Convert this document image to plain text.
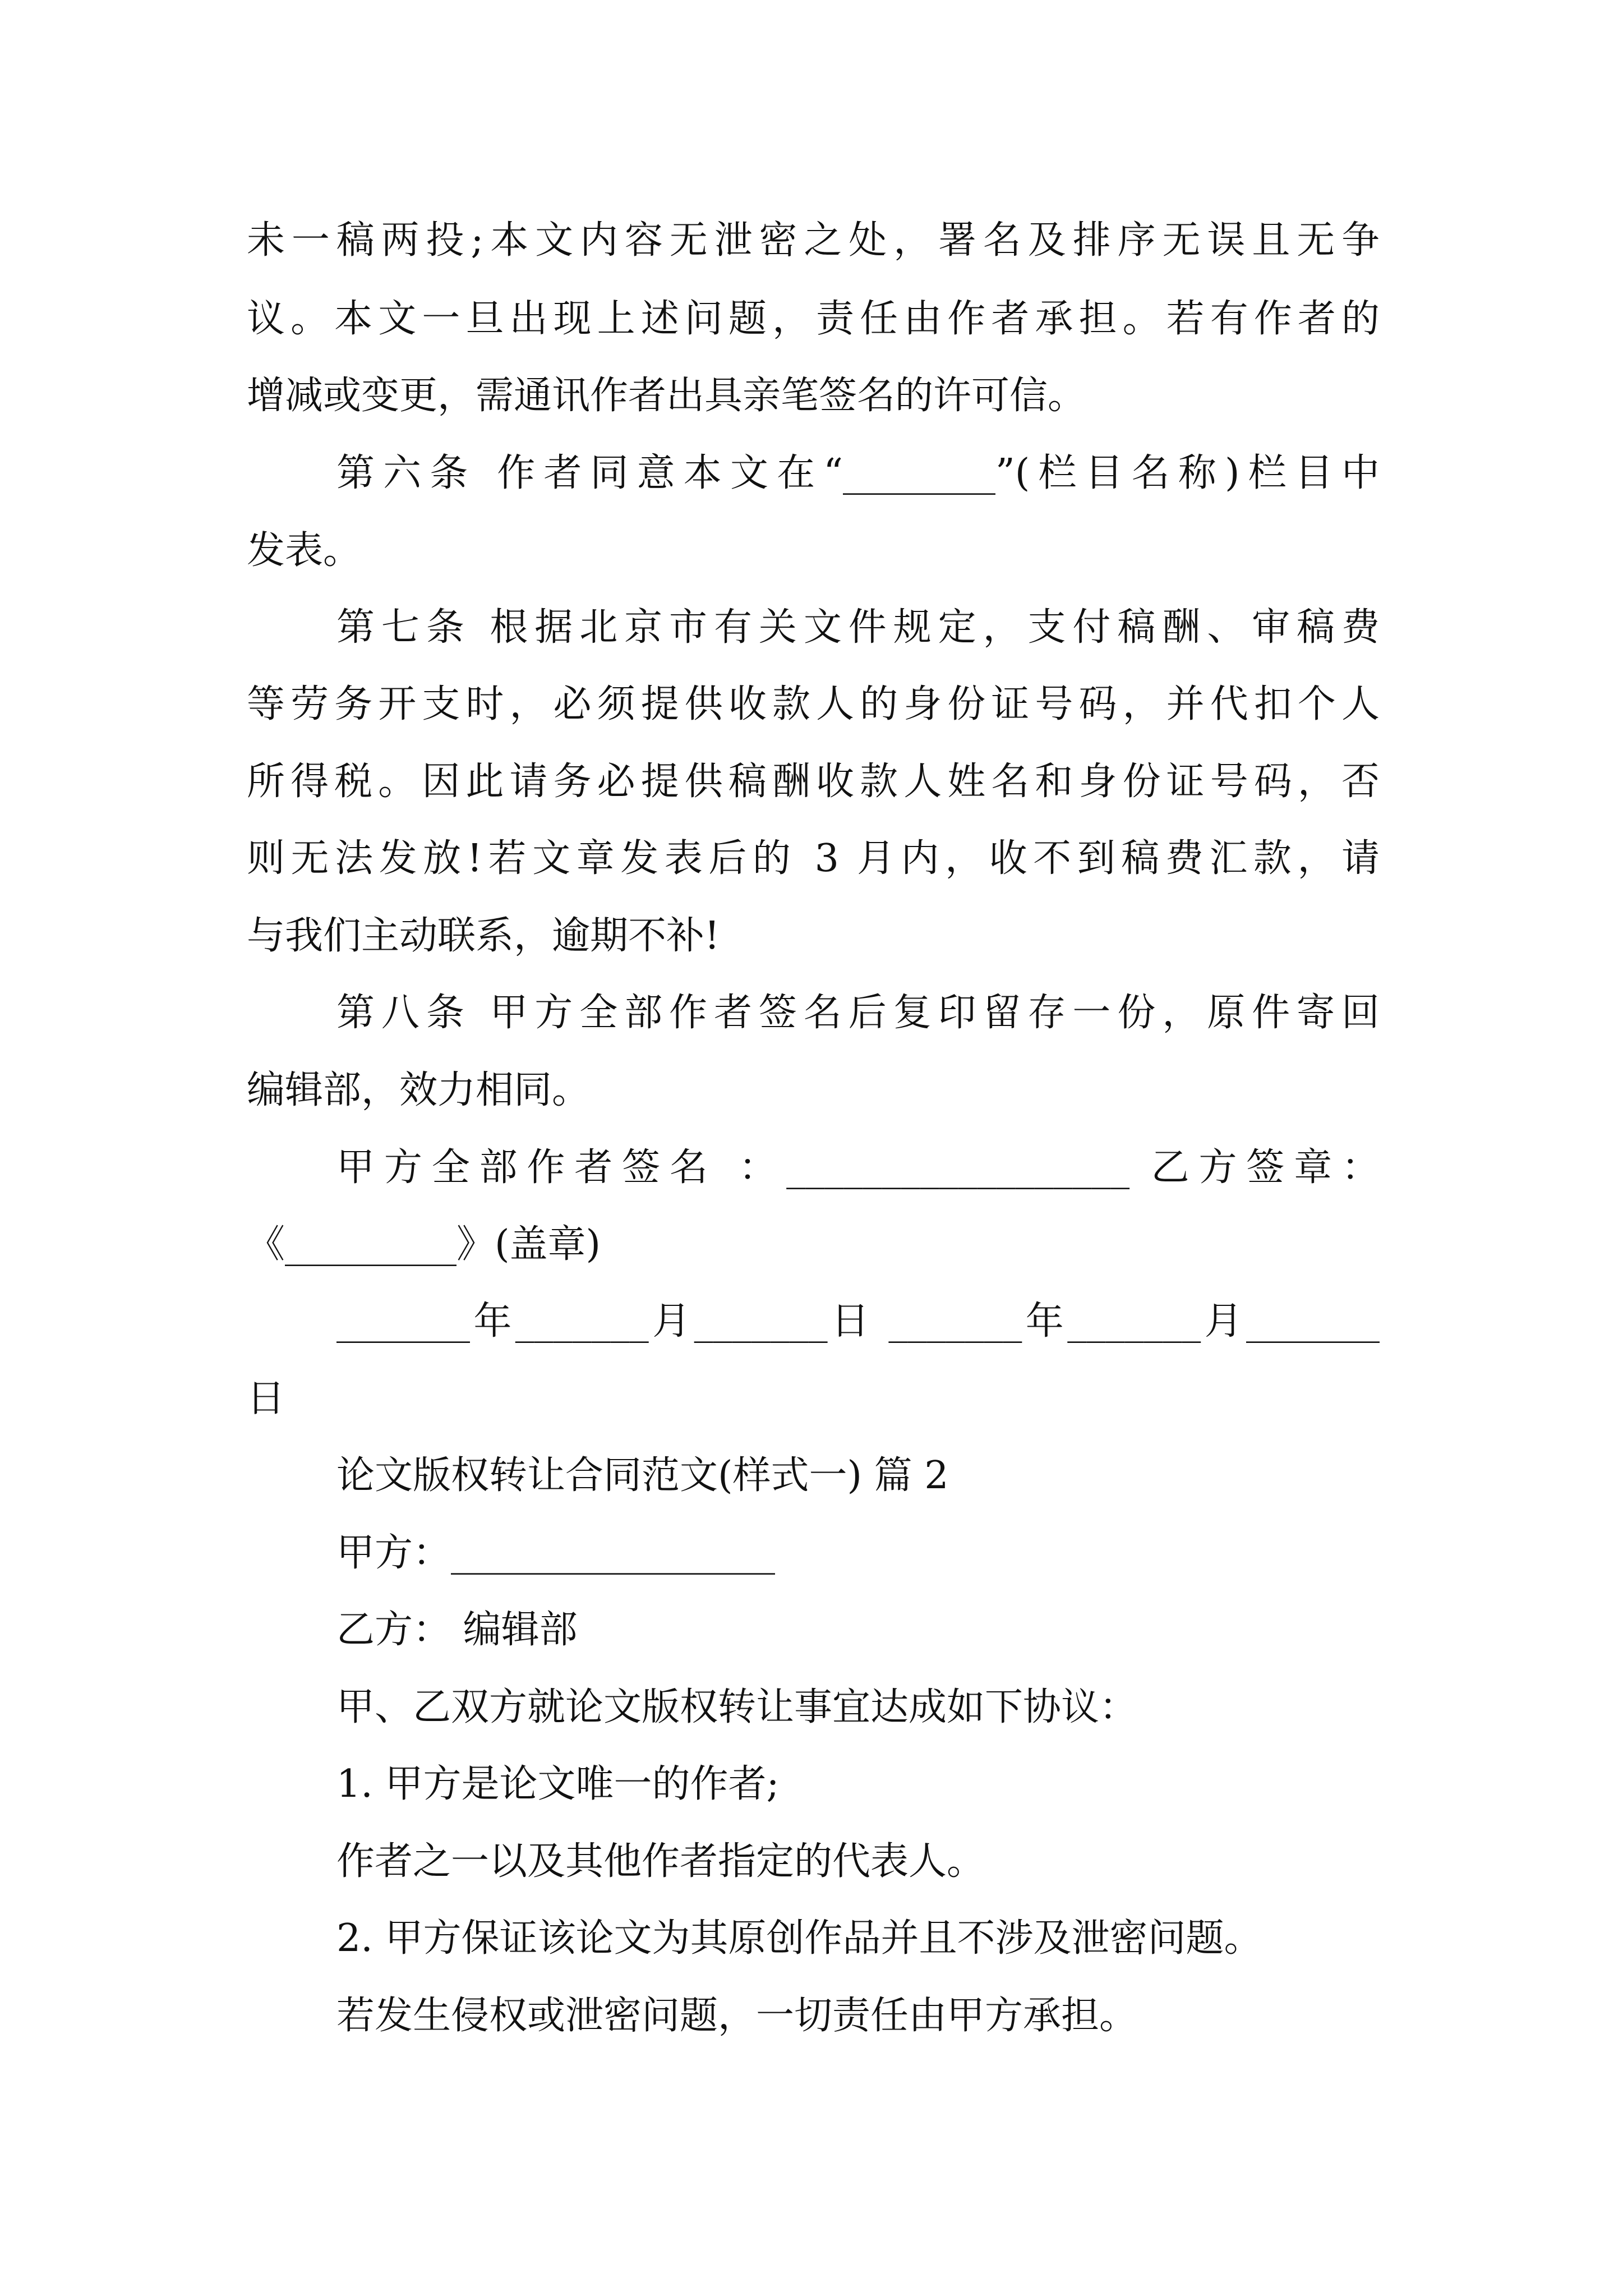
未一稿两投;本文内容无泄密之处，署名及排序无误且无争
议。本文一旦出现上述问题，责任由作者承担。若有作者的
增减或变更，需通讯作者出具亲笔签名的许可信。
第六条 作者同意本文在“________”(栏目名称)栏目中
发表。
第七条 根据北京市有关文件规定，支付稿酬、审稿费
等劳务开支时，必须提供收款人的身份证号码，并代扣个人
所得税。因此请务必提供稿酬收款人姓名和身份证号码，否
则无法发放!若文章发表后的 3 月内，收不到稿费汇款，请
与我们主动联系，逾期不补!
第八条 甲方全部作者签名后复印留存一份，原件寄回
编辑部，效力相同。
甲方全部作者签名 ：__________________ 乙方签章：
《_________》(盖章)
_______年_______月_______日 _______年_______月_______
日
论文版权转让合同范文(样式一) 篇 2
甲方：_________________
乙方： 编辑部
甲、乙双方就论文版权转让事宜达成如下协议：
1. 甲方是论文唯一的作者;
作者之一以及其他作者指定的代表人。
2. 甲方保证该论文为其原创作品并且不涉及泄密问题。
若发生侵权或泄密问题，一切责任由甲方承担。
